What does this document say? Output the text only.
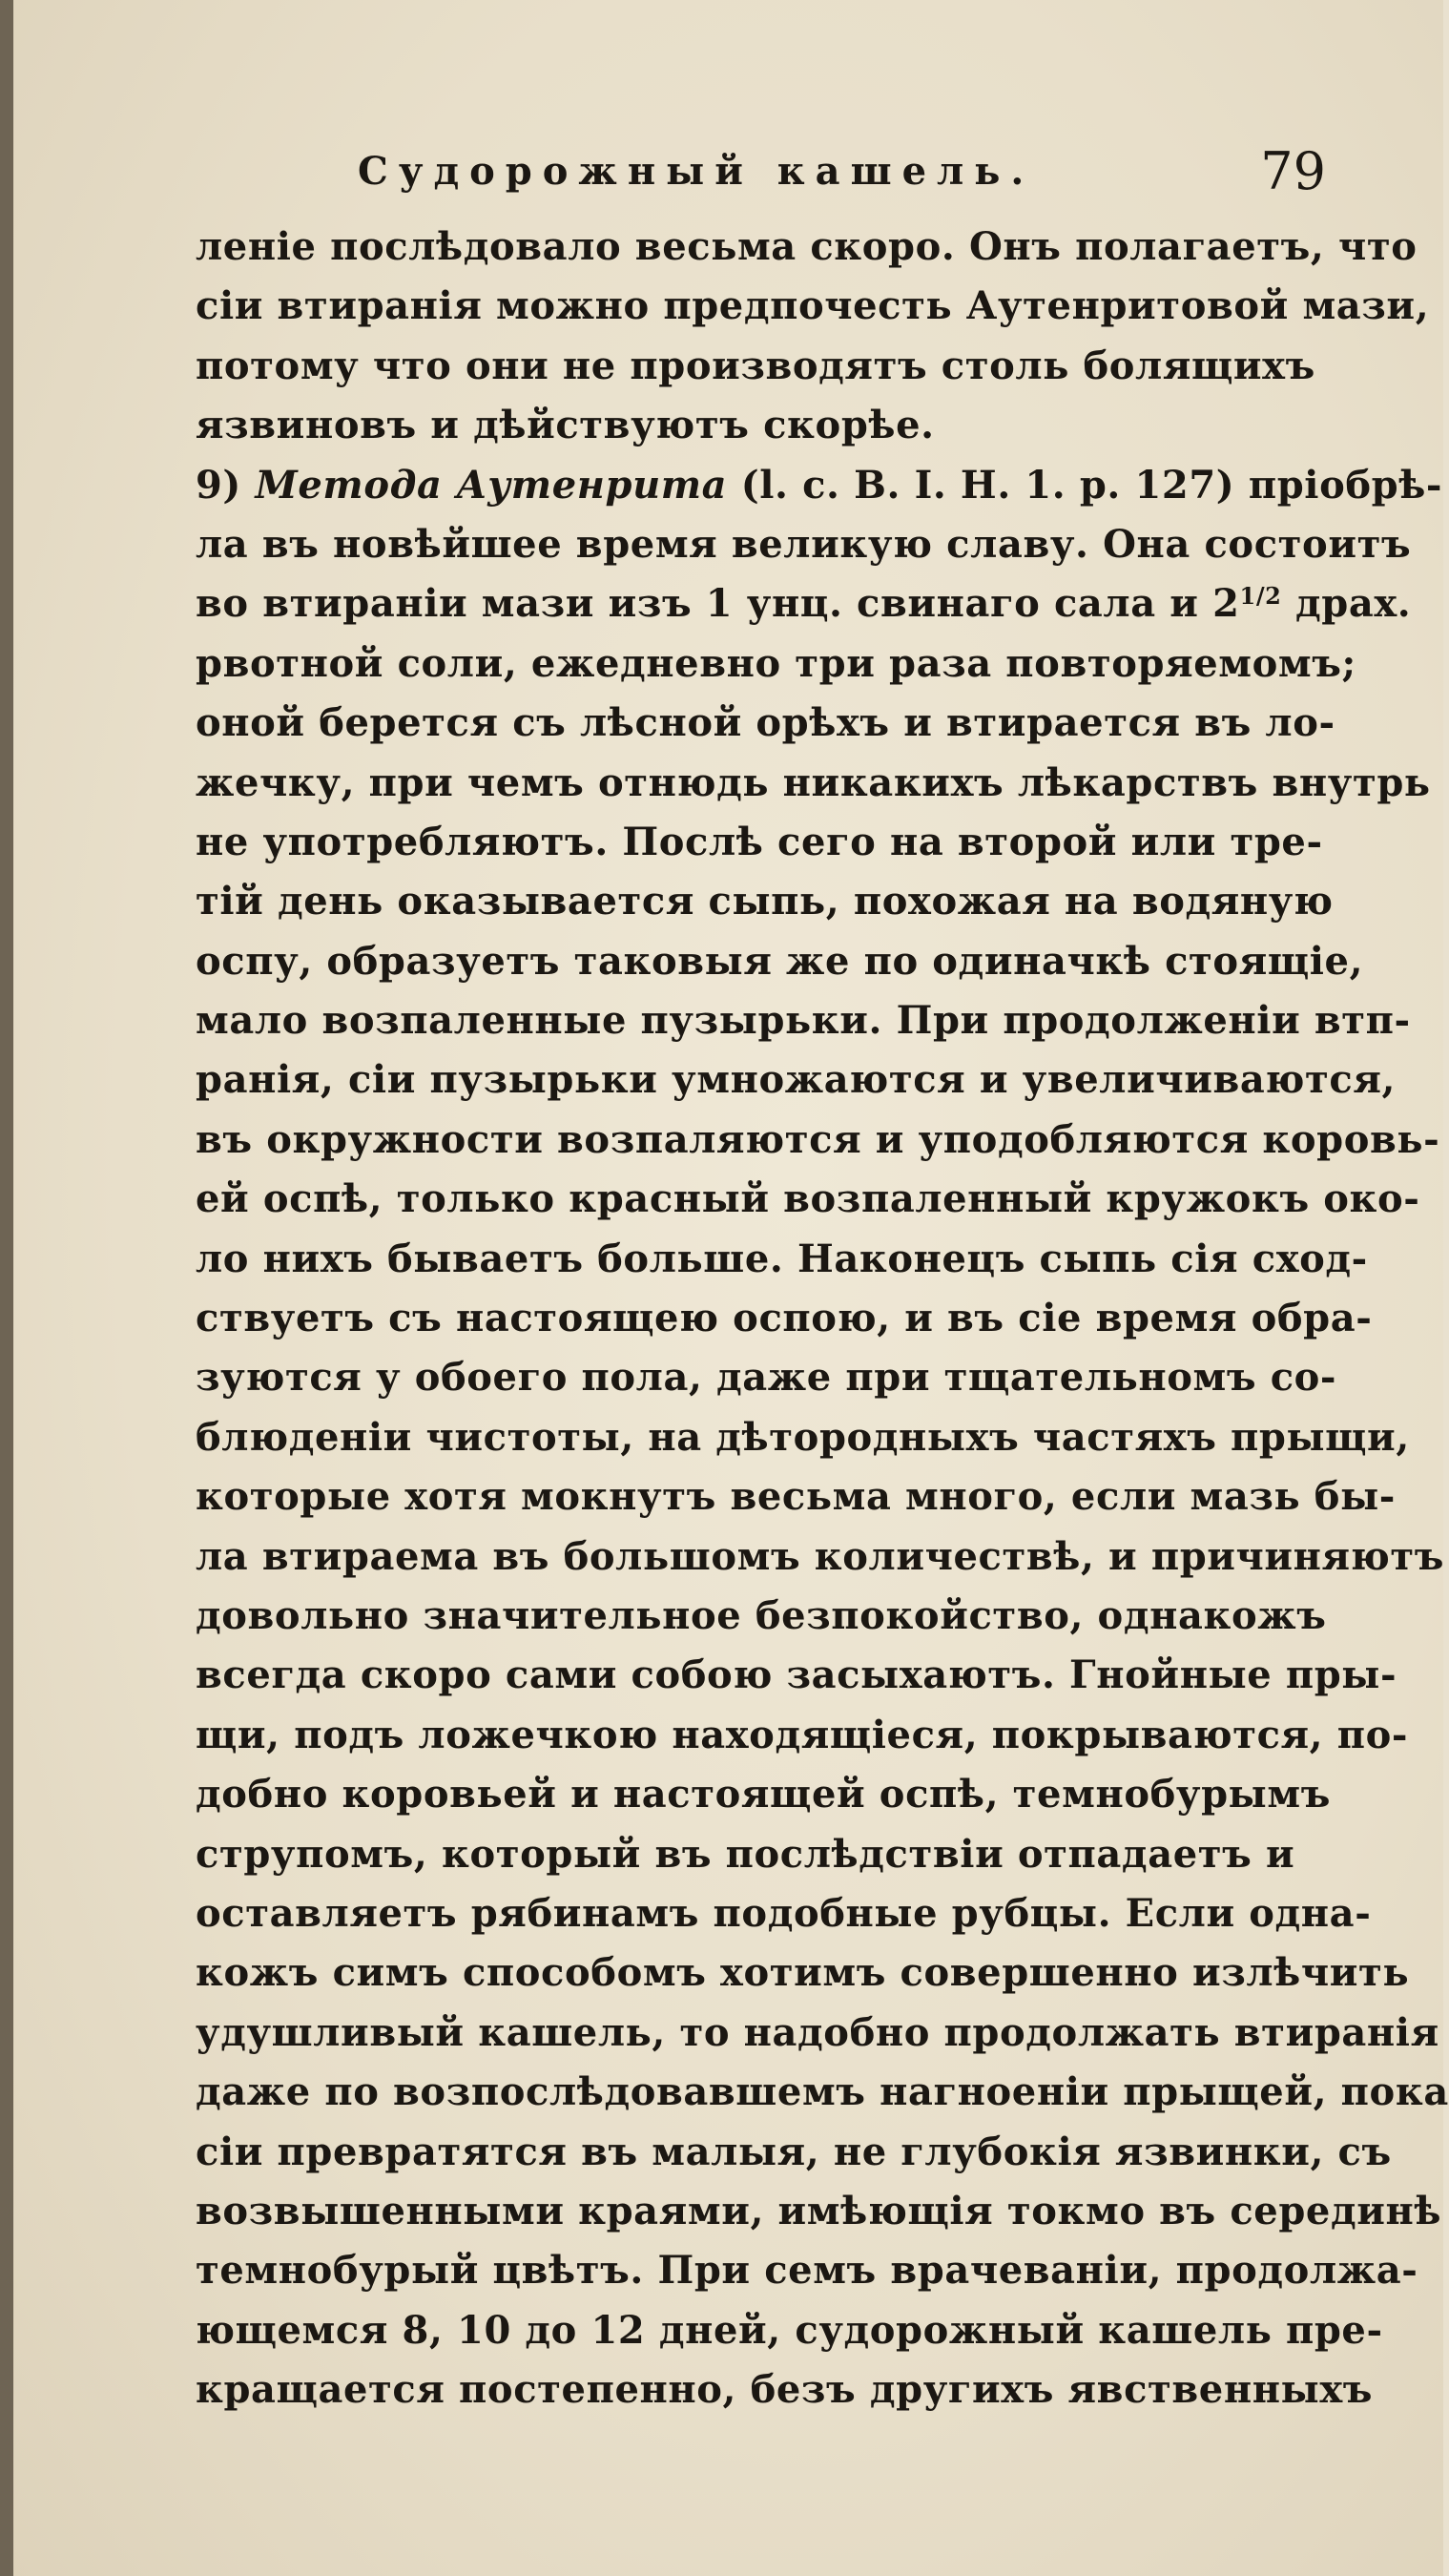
Судорожный кашель.	79
леніе послѣдовало весьма скоро. Онъ полагаетъ, что
сіи втиранія можно предпочесть Аутенритовой мази,
потому что они не производятъ столь болящихъ
язвиновъ и дѣйствуютъ скорѣе.
9) Метода Аутенрита (l. c. B. I. H. 1. p. 127) пріобрѣ-
ла въ новѣйшее время великую славу. Она состоитъ
во втираніи мази изъ 1 унц. свинаго сала и 21/2 драх.
рвотной соли, ежедневно три раза повторяемомъ;
оной берется съ лѣсной орѣхъ и втирается въ ло-
жечку, при чемъ отнюдь никакихъ лѣкарствъ внутрь
не употребляютъ. Послѣ сего на второй или тре-
тій день оказывается сыпь, похожая на водяную
оспу, образуетъ таковыя же по одиначкѣ стоящіе,
мало возпаленные пузырьки. При продолженіи втп-
ранія, сіи пузырьки умножаются и увеличиваются,
въ окружности возпаляются и уподобляются коровь-
ей оспѣ, только красный возпаленный кружокъ око-
ло нихъ бываетъ больше. Наконецъ сыпь сія сход-
ствуетъ съ настоящею оспою, и въ сіе время обра-
зуются у обоего пола, даже при тщательномъ со-
блюденіи чистоты, на дѣтородныхъ частяхъ прыщи,
которые хотя мокнутъ весьма много, если мазь бы-
ла втираема въ большомъ количествѣ, и причиняютъ
довольно значительное безпокойство, однакожъ
всегда скоро сами собою засыхаютъ. Гнойные пры-
щи, подъ ложечкою находящіеся, покрываются, по-
добно коровьей и настоящей оспѣ, темнобурымъ
струпомъ, который въ послѣдствіи отпадаетъ и
оставляетъ рябинамъ подобные рубцы. Если одна-
кожъ симъ способомъ хотимъ совершенно излѣчить
удушливый кашель, то надобно продолжать втиранія
даже по возпослѣдовавшемъ нагноеніи прыщей, пока
сіи превратятся въ малыя, не глубокія язвинки, съ
возвышенными краями, имѣющія токмо въ серединѣ
темнобурый цвѣтъ. При семъ врачеваніи, продолжа-
ющемся 8, 10 до 12 дней, судорожный кашель пре-
кращается постепенно, безъ другихъ явственныхъ
